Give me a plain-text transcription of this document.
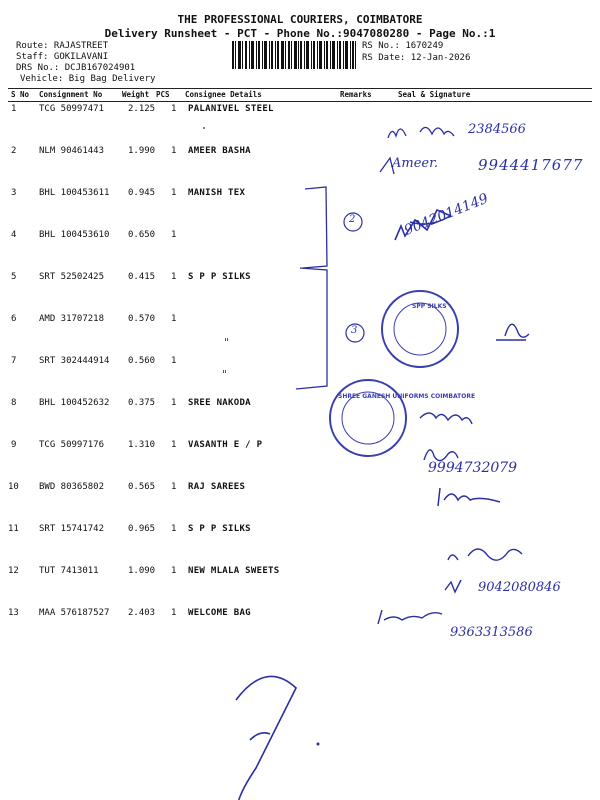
THE PROFESSIONAL COURIERS, COIMBATORE
Delivery Runsheet - PCT - Phone No.:9047080280 - Page No.:1
Route: RAJASTREET
Staff: GOKILAVANI
DRS No.: DCJB167024901
Vehicle: Big Bag Delivery
RS No.: 1670249
RS Date: 12-Jan-2026
S No Consignment No	Weight PCS Consignee Details	Remarks	Seal & Signature
1	TCG 50997471	2.125 1 PALANIVEL STEEL
2	NLM 90461443	1.990 1 AMEER BASHA
3	BHL 100453611 0.945 1 MANISH TEX
4	BHL 100453610 0.650 1
5	SRT 52502425	0.415 1 S P P SILKS
6	AMD 31707218	0.570 1
7	SRT 302444914 0.560 1
8	BHL 100452632 0.375 1 SREE NAKODA
9	TCG 50997176	1.310 1 VASANTH E / P
10 BWD 80365802	0.565 1 RAJ SAREES
11 SRT 15741742	0.965 1 S P P SILKS
12 TUT 7413011	1.090 1 NEW MLALA SWEETS
13 MAA 576187527 2.403 1 WELCOME BAG
SPP SILKS
SHREE GANESH UNIFORMS COIMBATORE
2384566
Ameer.	9944417677
9042014149
"
"
2
3
9994732079
9042080846
9363313586
